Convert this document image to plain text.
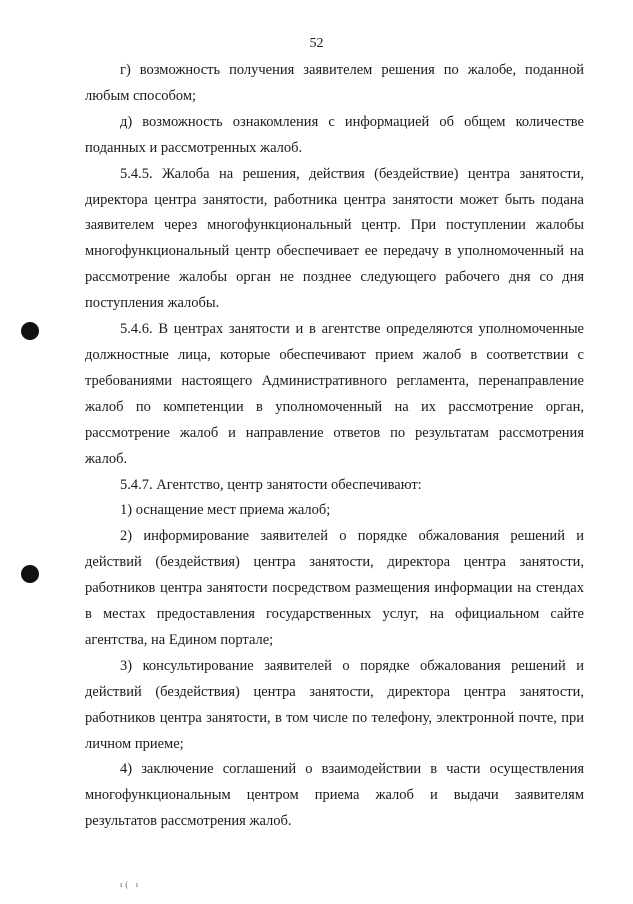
52

г) возможность получения заявителем решения по жалобе, поданной любым способом;

д) возможность ознакомления с информацией об общем количестве поданных и рассмотренных жалоб.

5.4.5. Жалоба на решения, действия (бездействие) центра занятости, директора центра занятости, работника центра занятости может быть подана заявителем через многофункциональный центр. При поступлении жалобы многофункциональный центр обеспечивает ее передачу в уполномоченный на рассмотрение жалобы орган не позднее следующего рабочего дня со дня поступления жалобы.

5.4.6. В центрах занятости и в агентстве определяются уполномоченные должностные лица, которые обеспечивают прием жалоб в соответствии с требованиями настоящего Административного регламента, перенаправление жалоб по компетенции в уполномоченный на их рассмотрение орган, рассмотрение жалоб и направление ответов по результатам рассмотрения жалоб.

5.4.7. Агентство, центр занятости обеспечивают:

1) оснащение мест приема жалоб;

2) информирование заявителей о порядке обжалования решений и действий (бездействия) центра занятости, директора центра занятости, работников центра занятости посредством размещения информации на стендах в местах предоставления государственных услуг, на официальном сайте агентства, на Едином портале;

3) консультирование заявителей о порядке обжалования решений и действий (бездействия) центра занятости, директора центра занятости, работников центра занятости, в том числе по телефону, электронной почте, при личном приеме;

4) заключение соглашений о взаимодействии в части осуществления многофункциональным центром приема жалоб и выдачи заявителям результатов рассмотрения жалоб.

ı( ı
